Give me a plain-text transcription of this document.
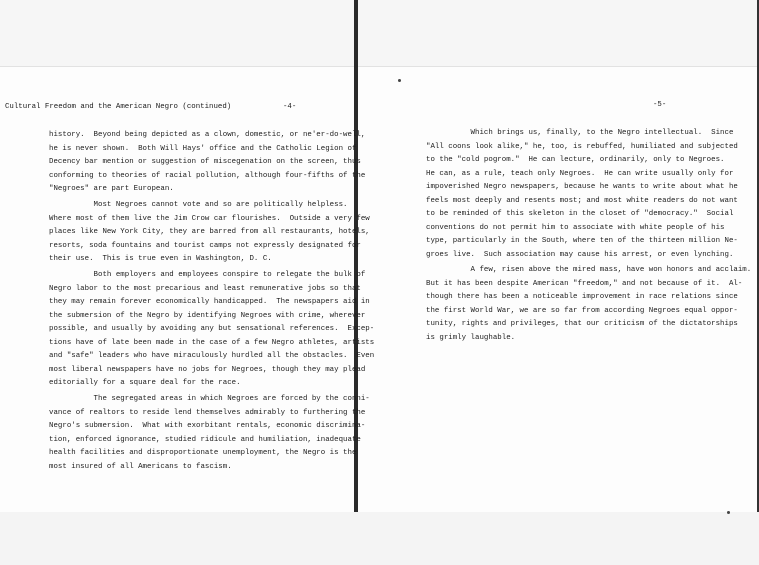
Cultural Freedom and the American Negro (continued)	-4-	-5-
history.  Beyond being depicted as a clown, domestic, or ne'er-do-well,
he is never shown.  Both Will Hays' office and the Catholic Legion of
Decency bar mention or suggestion of miscegenation on the screen, thus
conforming to theories of racial pollution, although four-fifths of the
"Negroes" are part European.
Most Negroes cannot vote and so are politically helpless.
Where most of them live the Jim Crow car flourishes.  Outside a very few
places like New York City, they are barred from all restaurants, hotels,
resorts, soda fountains and tourist camps not expressly designated for
their use.  This is true even in Washington, D. C.
Both employers and employees conspire to relegate the bulk of
Negro labor to the most precarious and least remunerative jobs so that
they may remain forever economically handicapped.  The newspapers aid in
the submersion of the Negro by identifying Negroes with crime, wherever
possible, and usually by avoiding any but sensational references.  Excep-
tions have of late been made in the case of a few Negro athletes, artists
and "safe" leaders who have miraculously hurdled all the obstacles.  Even
most liberal newspapers have no jobs for Negroes, though they may plead
editorially for a square deal for the race.
The segregated areas in which Negroes are forced by the conni-
vance of realtors to reside lend themselves admirably to furthering the
Negro's submersion.  What with exorbitant rentals, economic discrimina-
tion, enforced ignorance, studied ridicule and humiliation, inadequate
health facilities and disproportionate unemployment, the Negro is the
most insured of all Americans to fascism.
Which brings us, finally, to the Negro intellectual.  Since
"All coons look alike," he, too, is rebuffed, humiliated and subjected
to the "cold pogrom."  He can lecture, ordinarily, only to Negroes.
He can, as a rule, teach only Negroes.  He can write usually only for
impoverished Negro newspapers, because he wants to write about what he
feels most deeply and resents most; and most white readers do not want
to be reminded of this skeleton in the closet of "democracy."  Social
conventions do not permit him to associate with white people of his
type, particularly in the South, where ten of the thirteen million Ne-
groes live.  Such association may cause his arrest, or even lynching.
A few, risen above the mired mass, have won honors and acclaim.
But it has been despite American "freedom," and not because of it.  Al-
though there has been a noticeable improvement in race relations since
the first World War, we are so far from according Negroes equal oppor-
tunity, rights and privileges, that our criticism of the dictatorships
is grimly laughable.
